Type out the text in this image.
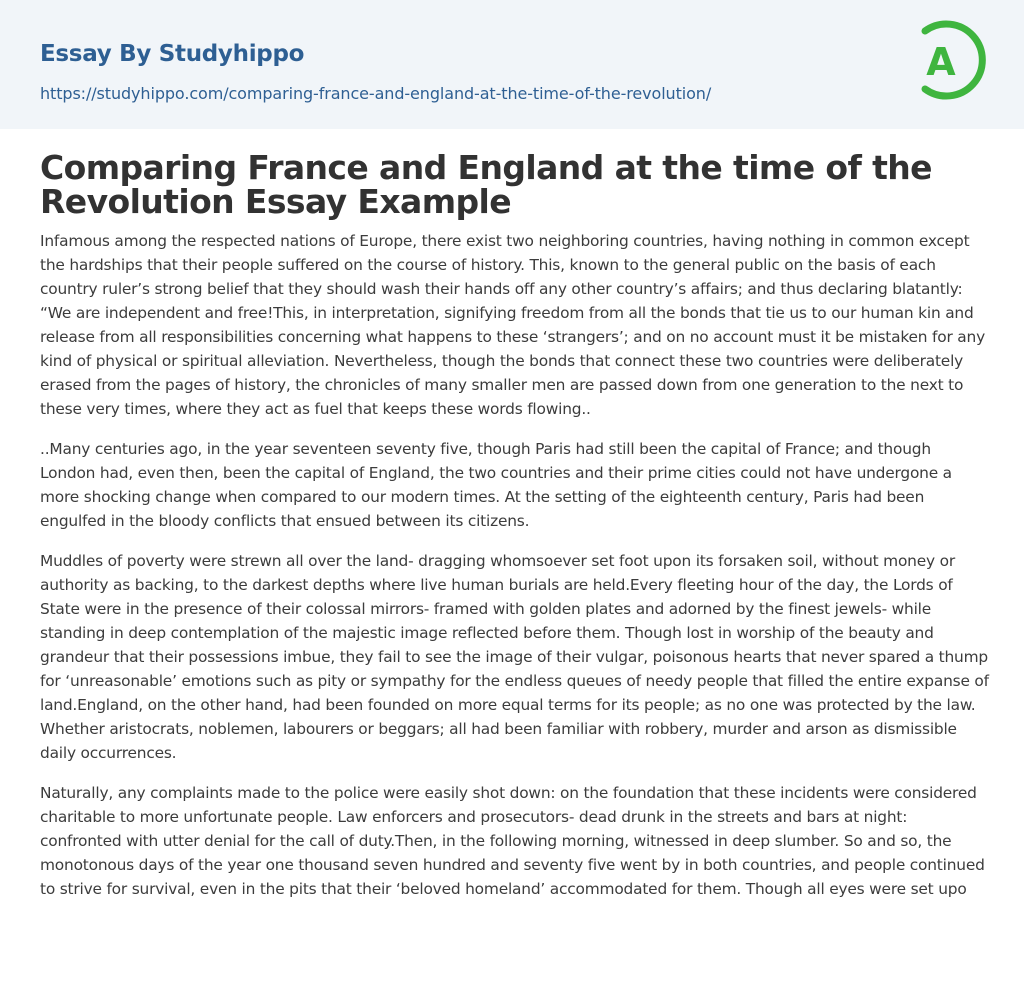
Essay By Studyhippo
https://studyhippo.com/comparing-france-and-england-at-the-time-of-the-revolution/
A
Comparing France and England at the time of the Revolution Essay Example

Infamous among the respected nations of Europe, there exist two neighboring countries, having nothing in common except the hardships that their people suffered on the course of history. This, known to the general public on the basis of each country ruler’s strong belief that they should wash their hands off any other country’s affairs; and thus declaring blatantly: “We are independent and free!This, in interpretation, signifying freedom from all the bonds that tie us to our human kin and release from all responsibilities concerning what happens to these ‘strangers’; and on no account must it be mistaken for any kind of physical or spiritual alleviation. Nevertheless, though the bonds that connect these two countries were deliberately erased from the pages of history, the chronicles of many smaller men are passed down from one generation to the next to these very times, where they act as fuel that keeps these words flowing..

..Many centuries ago, in the year seventeen seventy five, though Paris had still been the capital of France; and though London had, even then, been the capital of England, the two countries and their prime cities could not have undergone a more shocking change when compared to our modern times. At the setting of the eighteenth century, Paris had been engulfed in the bloody conflicts that ensued between its citizens.

Muddles of poverty were strewn all over the land- dragging whomsoever set foot upon its forsaken soil, without money or authority as backing, to the darkest depths where live human burials are held.Every fleeting hour of the day, the Lords of State were in the presence of their colossal mirrors- framed with golden plates and adorned by the finest jewels- while standing in deep contemplation of the majestic image reflected before them. Though lost in worship of the beauty and grandeur that their possessions imbue, they fail to see the image of their vulgar, poisonous hearts that never spared a thump for ‘unreasonable’ emotions such as pity or sympathy for the endless queues of needy people that filled the entire expanse of land.England, on the other hand, had been founded on more equal terms for its people; as no one was protected by the law. Whether aristocrats, noblemen, labourers or beggars; all had been familiar with robbery, murder and arson as dismissible daily occurrences.

Naturally, any complaints made to the police were easily shot down: on the foundation that these incidents were considered charitable to more unfortunate people. Law enforcers and prosecutors- dead drunk in the streets and bars at night: confronted with utter denial for the call of duty.Then, in the following morning, witnessed in deep slumber. So and so, the monotonous days of the year one thousand seven hundred and seventy five went by in both countries, and people continued to strive for survival, even in the pits that their ‘beloved homeland’ accommodated for them. Though all eyes were set upo
